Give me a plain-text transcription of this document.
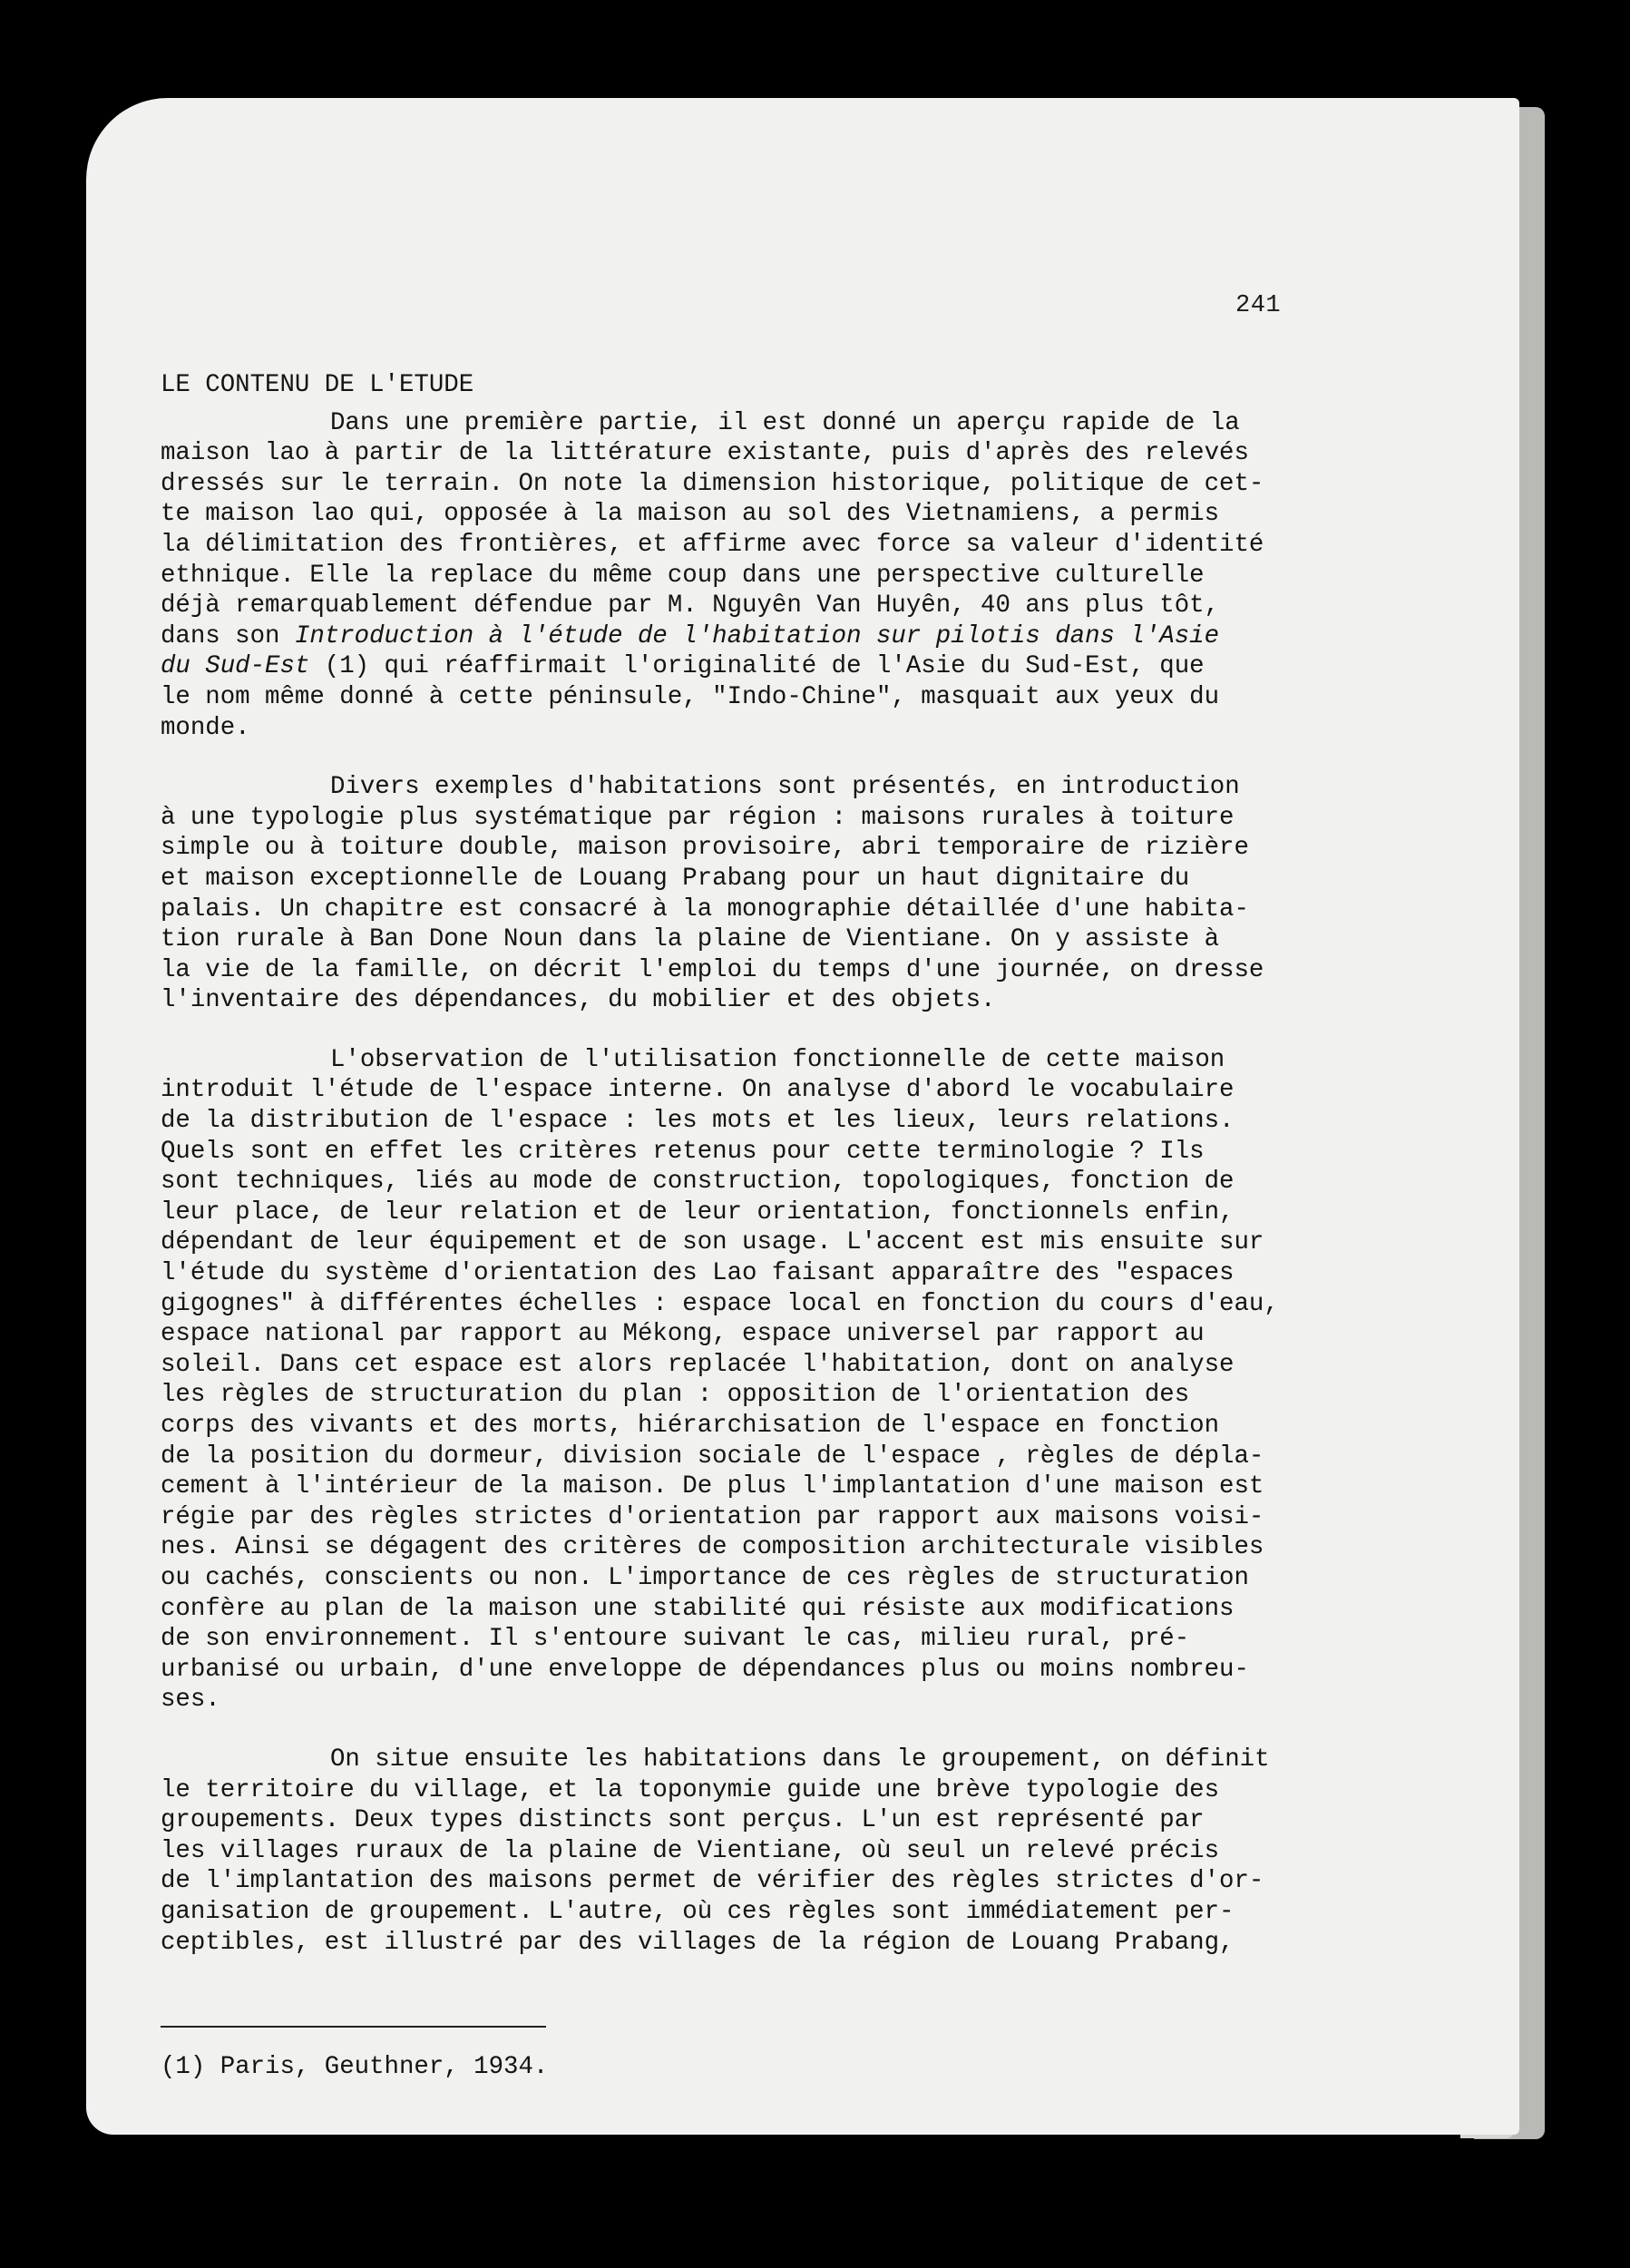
241
LE CONTENU DE L'ETUDE
Dans une première partie, il est donné un aperçu rapide de la
maison lao à partir de la littérature existante, puis d'après des relevés
dressés sur le terrain. On note la dimension historique, politique de cet-
te maison lao qui, opposée à la maison au sol des Vietnamiens, a permis
la délimitation des frontières, et affirme avec force sa valeur d'identité
ethnique. Elle la replace du même coup dans une perspective culturelle
déjà remarquablement défendue par M. Nguyên Van Huyên, 40 ans plus tôt,
dans son Introduction à l'étude de l'habitation sur pilotis dans l'Asie
du Sud-Est (1) qui réaffirmait l'originalité de l'Asie du Sud-Est, que
le nom même donné à cette péninsule, "Indo-Chine", masquait aux yeux du
monde.
Divers exemples d'habitations sont présentés, en introduction
à une typologie plus systématique par région : maisons rurales à toiture
simple ou à toiture double, maison provisoire, abri temporaire de rizière
et maison exceptionnelle de Louang Prabang pour un haut dignitaire du
palais. Un chapitre est consacré à la monographie détaillée d'une habita-
tion rurale à Ban Done Noun dans la plaine de Vientiane. On y assiste à
la vie de la famille, on décrit l'emploi du temps d'une journée, on dresse
l'inventaire des dépendances, du mobilier et des objets.
L'observation de l'utilisation fonctionnelle de cette maison
introduit l'étude de l'espace interne. On analyse d'abord le vocabulaire
de la distribution de l'espace : les mots et les lieux, leurs relations.
Quels sont en effet les critères retenus pour cette terminologie ? Ils
sont techniques, liés au mode de construction, topologiques, fonction de
leur place, de leur relation et de leur orientation, fonctionnels enfin,
dépendant de leur équipement et de son usage. L'accent est mis ensuite sur
l'étude du système d'orientation des Lao faisant apparaître des "espaces
gigognes" à différentes échelles : espace local en fonction du cours d'eau,
espace national par rapport au Mékong, espace universel par rapport au
soleil. Dans cet espace est alors replacée l'habitation, dont on analyse
les règles de structuration du plan : opposition de l'orientation des
corps des vivants et des morts, hiérarchisation de l'espace en fonction
de la position du dormeur, division sociale de l'espace , règles de dépla-
cement à l'intérieur de la maison. De plus l'implantation d'une maison est
régie par des règles strictes d'orientation par rapport aux maisons voisi-
nes. Ainsi se dégagent des critères de composition architecturale visibles
ou cachés, conscients ou non. L'importance de ces règles de structuration
confère au plan de la maison une stabilité qui résiste aux modifications
de son environnement. Il s'entoure suivant le cas, milieu rural, pré-
urbanisé ou urbain, d'une enveloppe de dépendances plus ou moins nombreu-
ses.
On situe ensuite les habitations dans le groupement, on définit
le territoire du village, et la toponymie guide une brève typologie des
groupements. Deux types distincts sont perçus. L'un est représenté par
les villages ruraux de la plaine de Vientiane, où seul un relevé précis
de l'implantation des maisons permet de vérifier des règles strictes d'or-
ganisation de groupement. L'autre, où ces règles sont immédiatement per-
ceptibles, est illustré par des villages de la région de Louang Prabang,
(1) Paris, Geuthner, 1934.
